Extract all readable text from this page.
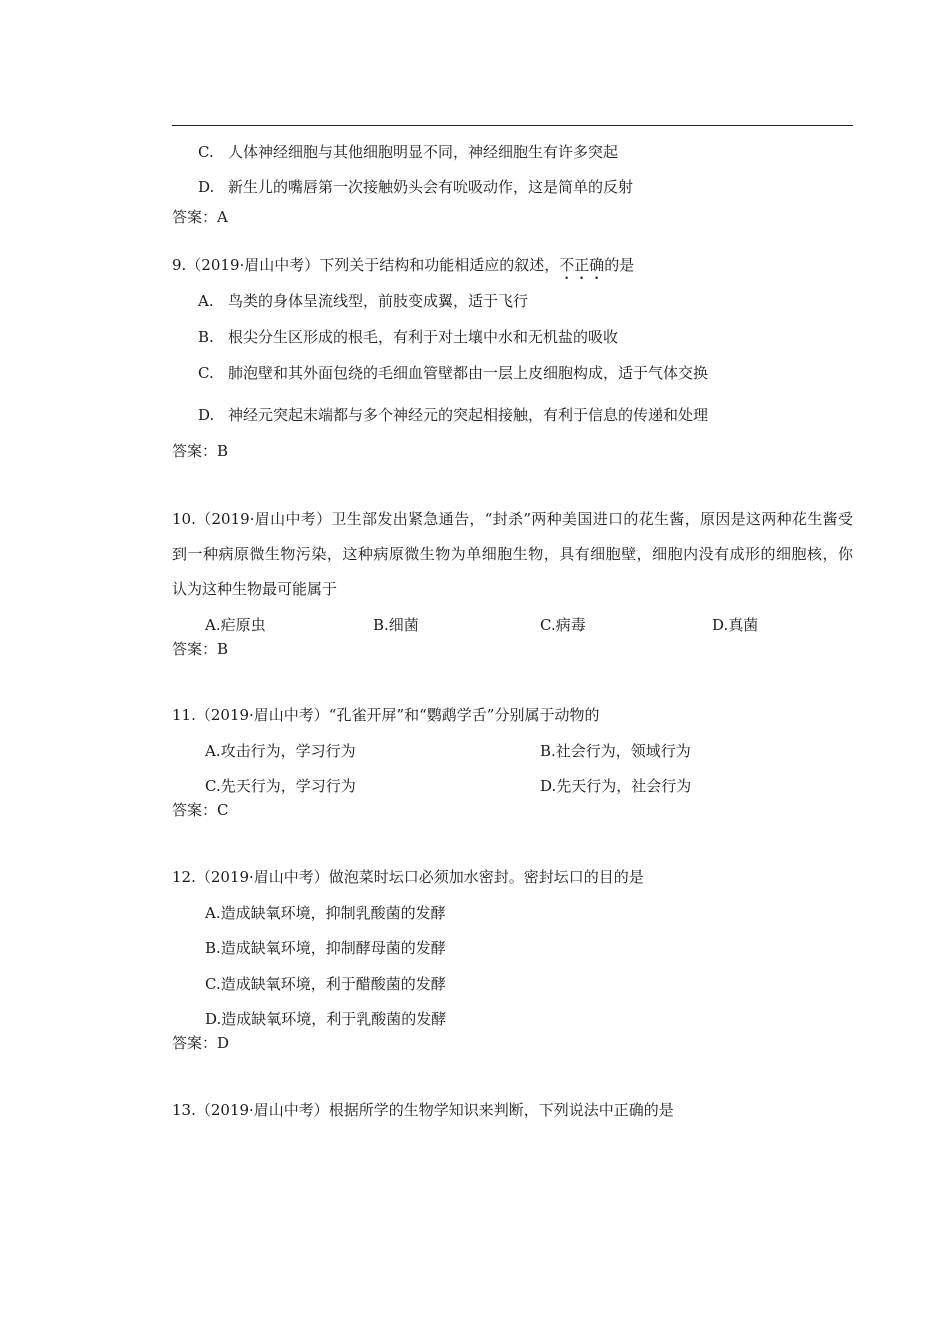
C. 人体神经细胞与其他细胞明显不同，神经细胞生有许多突起
D. 新生儿的嘴唇第一次接触奶头会有吮吸动作，这是简单的反射
答案：A
9.（2019·眉山中考）下列关于结构和功能相适应的叙述，不正确的是
A. 鸟类的身体呈流线型，前肢变成翼，适于飞行
B. 根尖分生区形成的根毛，有利于对土壤中水和无机盐的吸收
C. 肺泡壁和其外面包绕的毛细血管壁都由一层上皮细胞构成，适于气体交换
D. 神经元突起末端都与多个神经元的突起相接触，有利于信息的传递和处理
答案：B
10.（2019·眉山中考）卫生部发出紧急通告，“封杀”两种美国进口的花生酱，原因是这两种花生酱受
到一种病原微生物污染，这种病原微生物为单细胞生物，具有细胞壁，细胞内没有成形的细胞核，你
认为这种生物最可能属于
A.疟原虫	B.细菌	C.病毒	D.真菌
答案：B
11.（2019·眉山中考）“孔雀开屏”和“鹦鹉学舌”分别属于动物的
A.攻击行为，学习行为	B.社会行为，领域行为
C.先天行为，学习行为	D.先天行为，社会行为
答案：C
12.（2019·眉山中考）做泡菜时坛口必须加水密封。密封坛口的目的是
A.造成缺氧环境，抑制乳酸菌的发酵
B.造成缺氧环境，抑制酵母菌的发酵
C.造成缺氧环境，利于醋酸菌的发酵
D.造成缺氧环境，利于乳酸菌的发酵
答案：D
13.（2019·眉山中考）根据所学的生物学知识来判断，下列说法中正确的是
